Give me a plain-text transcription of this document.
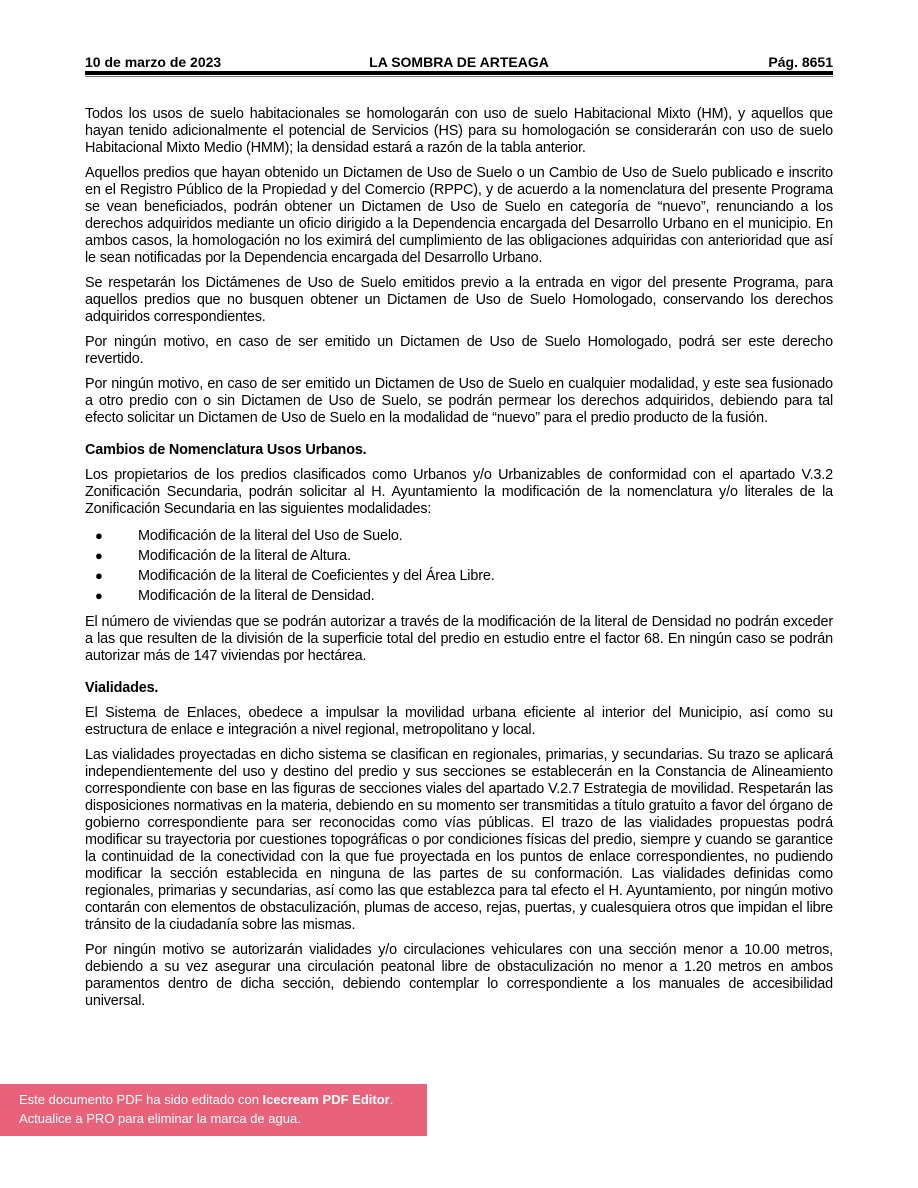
10 de marzo de 2023	LA SOMBRA DE ARTEAGA	Pág. 8651

Todos los usos de suelo habitacionales se homologarán con uso de suelo Habitacional Mixto (HM), y aquellos que hayan tenido adicionalmente el potencial de Servicios (HS) para su homologación se considerarán con uso de suelo Habitacional Mixto Medio (HMM); la densidad estará a razón de la tabla anterior.

Aquellos predios que hayan obtenido un Dictamen de Uso de Suelo o un Cambio de Uso de Suelo publicado e inscrito en el Registro Público de la Propiedad y del Comercio (RPPC), y de acuerdo a la nomenclatura del presente Programa se vean beneficiados, podrán obtener un Dictamen de Uso de Suelo en categoría de “nuevo”, renunciando a los derechos adquiridos mediante un oficio dirigido a la Dependencia encargada del Desarrollo Urbano en el municipio. En ambos casos, la homologación no los eximirá del cumplimiento de las obligaciones adquiridas con anterioridad que así le sean notificadas por la Dependencia encargada del Desarrollo Urbano.

Se respetarán los Dictámenes de Uso de Suelo emitidos previo a la entrada en vigor del presente Programa, para aquellos predios que no busquen obtener un Dictamen de Uso de Suelo Homologado, conservando los derechos adquiridos correspondientes.

Por ningún motivo, en caso de ser emitido un Dictamen de Uso de Suelo Homologado, podrá ser este derecho revertido.

Por ningún motivo, en caso de ser emitido un Dictamen de Uso de Suelo en cualquier modalidad, y este sea fusionado a otro predio con o sin Dictamen de Uso de Suelo, se podrán permear los derechos adquiridos, debiendo para tal efecto solicitar un Dictamen de Uso de Suelo en la modalidad de “nuevo” para el predio producto de la fusión.

Cambios de Nomenclatura Usos Urbanos.

Los propietarios de los predios clasificados como Urbanos y/o Urbanizables de conformidad con el apartado V.3.2 Zonificación Secundaria, podrán solicitar al H. Ayuntamiento la modificación de la nomenclatura y/o literales de la Zonificación Secundaria en las siguientes modalidades:

● Modificación de la literal del Uso de Suelo.
● Modificación de la literal de Altura.
● Modificación de la literal de Coeficientes y del Área Libre.
● Modificación de la literal de Densidad.

El número de viviendas que se podrán autorizar a través de la modificación de la literal de Densidad no podrán exceder a las que resulten de la división de la superficie total del predio en estudio entre el factor 68. En ningún caso se podrán autorizar más de 147 viviendas por hectárea.

Vialidades.

El Sistema de Enlaces, obedece a impulsar la movilidad urbana eficiente al interior del Municipio, así como su estructura de enlace e integración a nivel regional, metropolitano y local.

Las vialidades proyectadas en dicho sistema se clasifican en regionales, primarias, y secundarias. Su trazo se aplicará independientemente del uso y destino del predio y sus secciones se establecerán en la Constancia de Alineamiento correspondiente con base en las figuras de secciones viales del apartado V.2.7 Estrategia de movilidad. Respetarán las disposiciones normativas en la materia, debiendo en su momento ser transmitidas a título gratuito a favor del órgano de gobierno correspondiente para ser reconocidas como vías públicas. El trazo de las vialidades propuestas podrá modificar su trayectoria por cuestiones topográficas o por condiciones físicas del predio, siempre y cuando se garantice la continuidad de la conectividad con la que fue proyectada en los puntos de enlace correspondientes, no pudiendo modificar la sección establecida en ninguna de las partes de su conformación. Las vialidades definidas como regionales, primarias y secundarias, así como las que establezca para tal efecto el H. Ayuntamiento, por ningún motivo contarán con elementos de obstaculización, plumas de acceso, rejas, puertas, y cualesquiera otros que impidan el libre tránsito de la ciudadanía sobre las mismas.

Por ningún motivo se autorizarán vialidades y/o circulaciones vehiculares con una sección menor a 10.00 metros, debiendo a su vez asegurar una circulación peatonal libre de obstaculización no menor a 1.20 metros en ambos paramentos dentro de dicha sección, debiendo contemplar lo correspondiente a los manuales de accesibilidad universal.

Este documento PDF ha sido editado con Icecream PDF Editor.
Actualice a PRO para eliminar la marca de agua.
